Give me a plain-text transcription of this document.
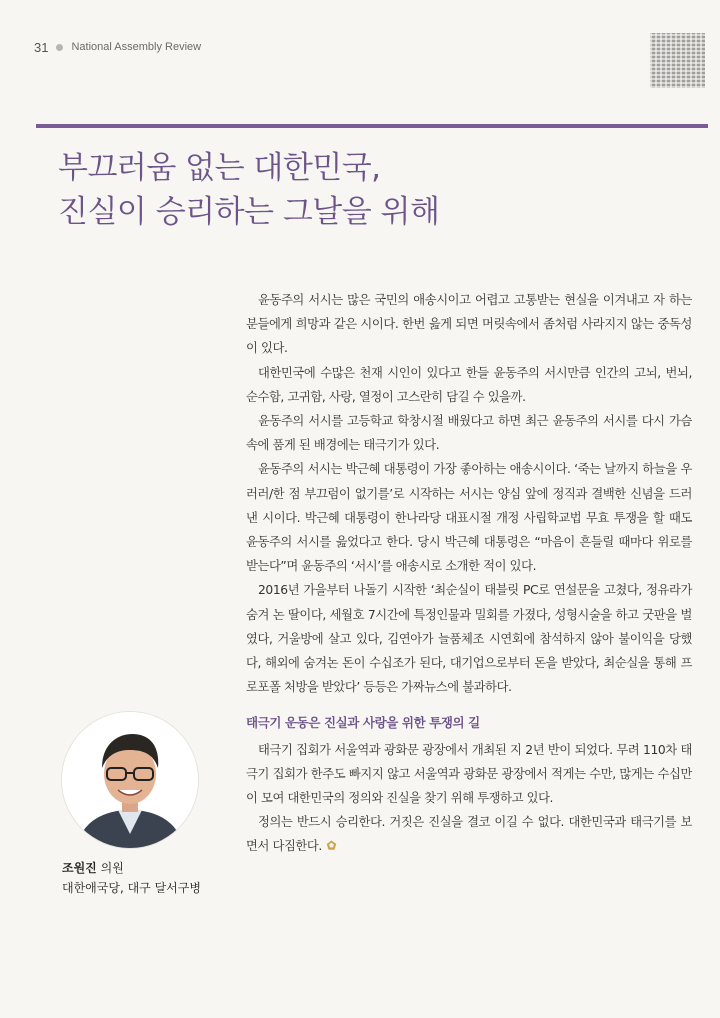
31 National Assembly Review
부끄러움 없는 대한민국,
진실이 승리하는 그날을 위해

윤동주의 서시는 많은 국민의 애송시이고 어렵고 고통받는 현실을 이겨내고 자 하는 분들에게 희망과 같은 시이다. 한번 읊게 되면 머릿속에서 좀처럼 사라지지 않는 중독성이 있다.

대한민국에 수많은 천재 시인이 있다고 한들 윤동주의 서시만큼 인간의 고뇌, 번뇌, 순수함, 고귀함, 사랑, 열정이 고스란히 담길 수 있을까.

윤동주의 서시를 고등학교 학창시절 배웠다고 하면 최근 윤동주의 서시를 다시 가슴 속에 품게 된 배경에는 태극기가 있다.

윤동주의 서시는 박근혜 대통령이 가장 좋아하는 애송시이다. ‘죽는 날까지 하늘을 우러러/한 점 부끄럼이 없기를’로 시작하는 서시는 양심 앞에 정직과 결백한 신념을 드러낸 시이다. 박근혜 대통령이 한나라당 대표시절 개정 사립학교법 무효 투쟁을 할 때도 윤동주의 서시를 읊었다고 한다. 당시 박근혜 대통령은 “마음이 흔들릴 때마다 위로를 받는다”며 윤동주의 ‘서시’를 애송시로 소개한 적이 있다.

2016년 가을부터 나돌기 시작한 ‘최순실이 태블릿 PC로 연설문을 고쳤다, 정유라가 숨겨 논 딸이다, 세월호 7시간에 특정인물과 밀회를 가졌다, 성형시술을 하고 굿판을 벌였다, 거울방에 살고 있다, 김연아가 늘품체조 시연회에 참석하지 않아 불이익을 당했다, 해외에 숨겨논 돈이 수십조가 된다, 대기업으로부터 돈을 받았다, 최순실을 통해 프로포폴 처방을 받았다’ 등등은 가짜뉴스에 불과하다.

태극기 운동은 진실과 사랑을 위한 투쟁의 길

태극기 집회가 서울역과 광화문 광장에서 개최된 지 2년 반이 되었다. 무려 110차 태극기 집회가 한주도 빠지지 않고 서울역과 광화문 광장에서 적게는 수만, 많게는 수십만이 모여 대한민국의 정의와 진실을 찾기 위해 투쟁하고 있다.

정의는 반드시 승리한다. 거짓은 진실을 결코 이길 수 없다. 대한민국과 태극기를 보면서 다짐한다.

조원진 의원
대한애국당, 대구 달서구병
